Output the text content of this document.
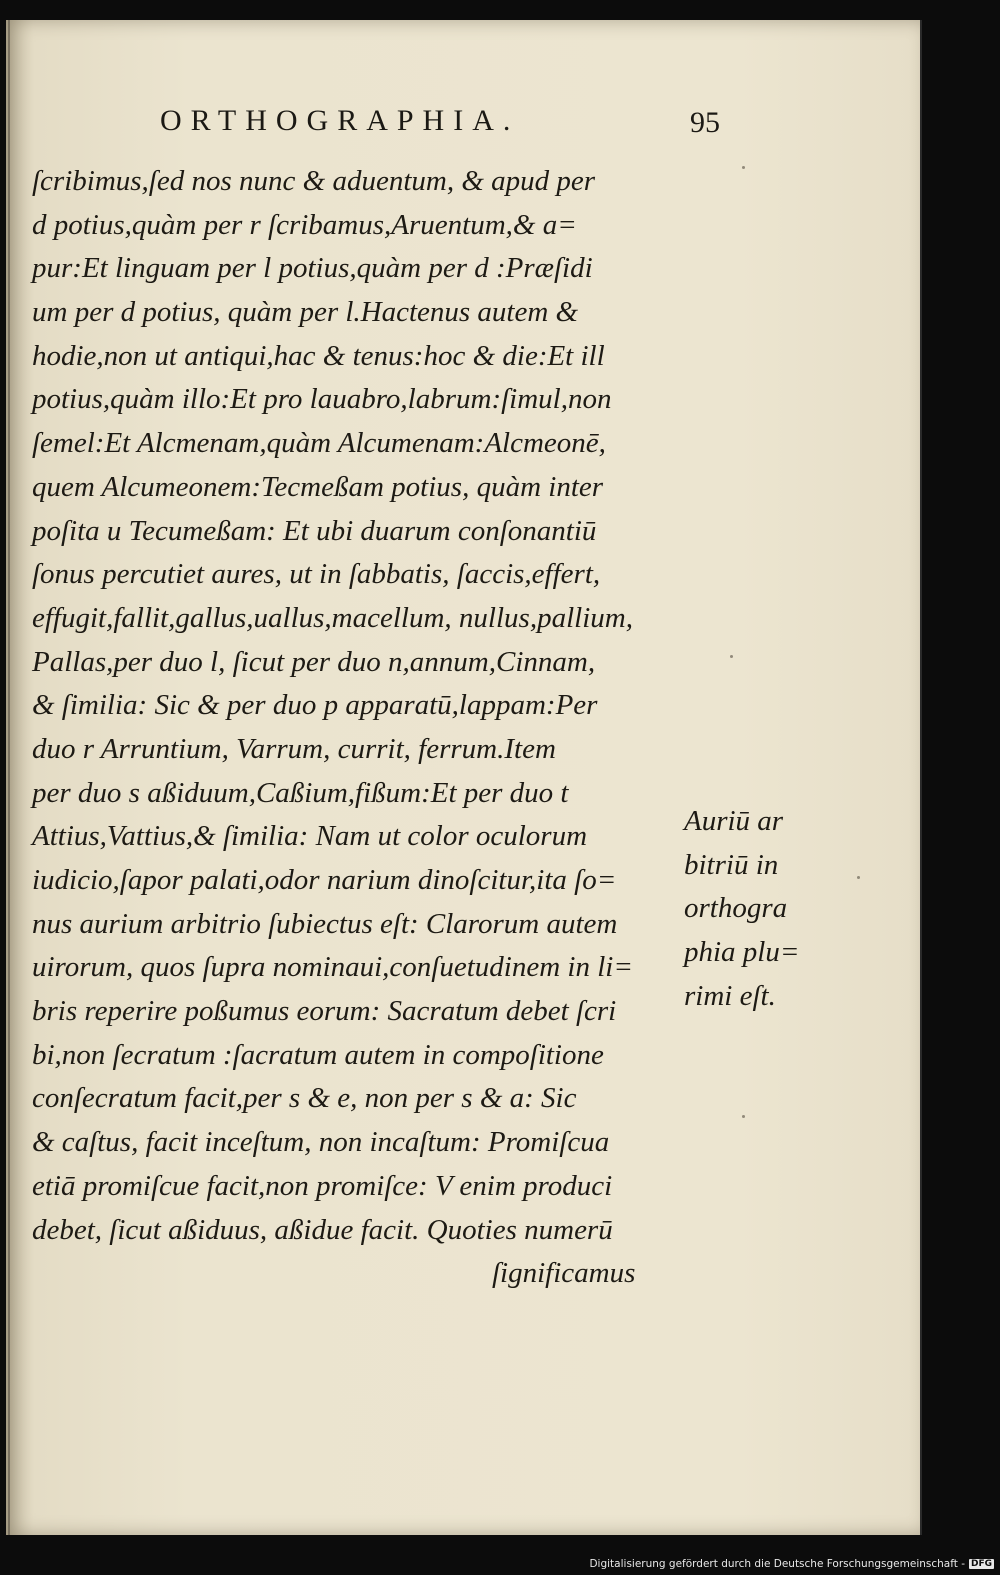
ORTHOGRAPHIA.	95
ſcribimus,ſed nos nunc & aduentum, & apud per
d potius,quàm per r ſcribamus,Aruentum,& a=
pur:Et linguam per l potius,quàm per d :Præſidi
um per d potius, quàm per l.Hactenus autem &
hodie,non ut antiqui,hac & tenus:hoc & die:Et ill
potius,quàm illo:Et pro lauabro,labrum:ſimul,non
ſemel:Et Alcmenam,quàm Alcumenam:Alcmeonē,
quem Alcumeonem:Tecmeßam potius, quàm inter
poſita u Tecumeßam: Et ubi duarum conſonantiū
ſonus percutiet aures, ut in ſabbatis, ſaccis,effert,
effugit,fallit,gallus,uallus,macellum, nullus,pallium,
Pallas,per duo l, ſicut per duo n,annum,Cinnam,
& ſimilia: Sic & per duo p apparatū,lappam:Per
duo r Arruntium, Varrum, currit, ferrum.Item
per duo s aßiduum,Caßium,fißum:Et per duo t
Attius,Vattius,& ſimilia: Nam ut color oculorum
iudicio,ſapor palati,odor narium dinoſcitur,ita ſo=
nus aurium arbitrio ſubiectus eſt: Clarorum autem
uirorum, quos ſupra nominaui,conſuetudinem in li=
bris reperire poßumus eorum: Sacratum debet ſcri
bi,non ſecratum :ſacratum autem in compoſitione
conſecratum facit,per s & e, non per s & a: Sic
& caſtus, facit inceſtum, non incaſtum: Promiſcua
etiā promiſcue facit,non promiſce: V enim produci
debet, ſicut aßiduus, aßidue facit. Quoties numerū
ſignificamus
Auriū ar
bitriū in
orthogra
phia plu=
rimi eſt.
Digitalisierung gefördert durch die Deutsche Forschungsgemeinschaft - DFG
